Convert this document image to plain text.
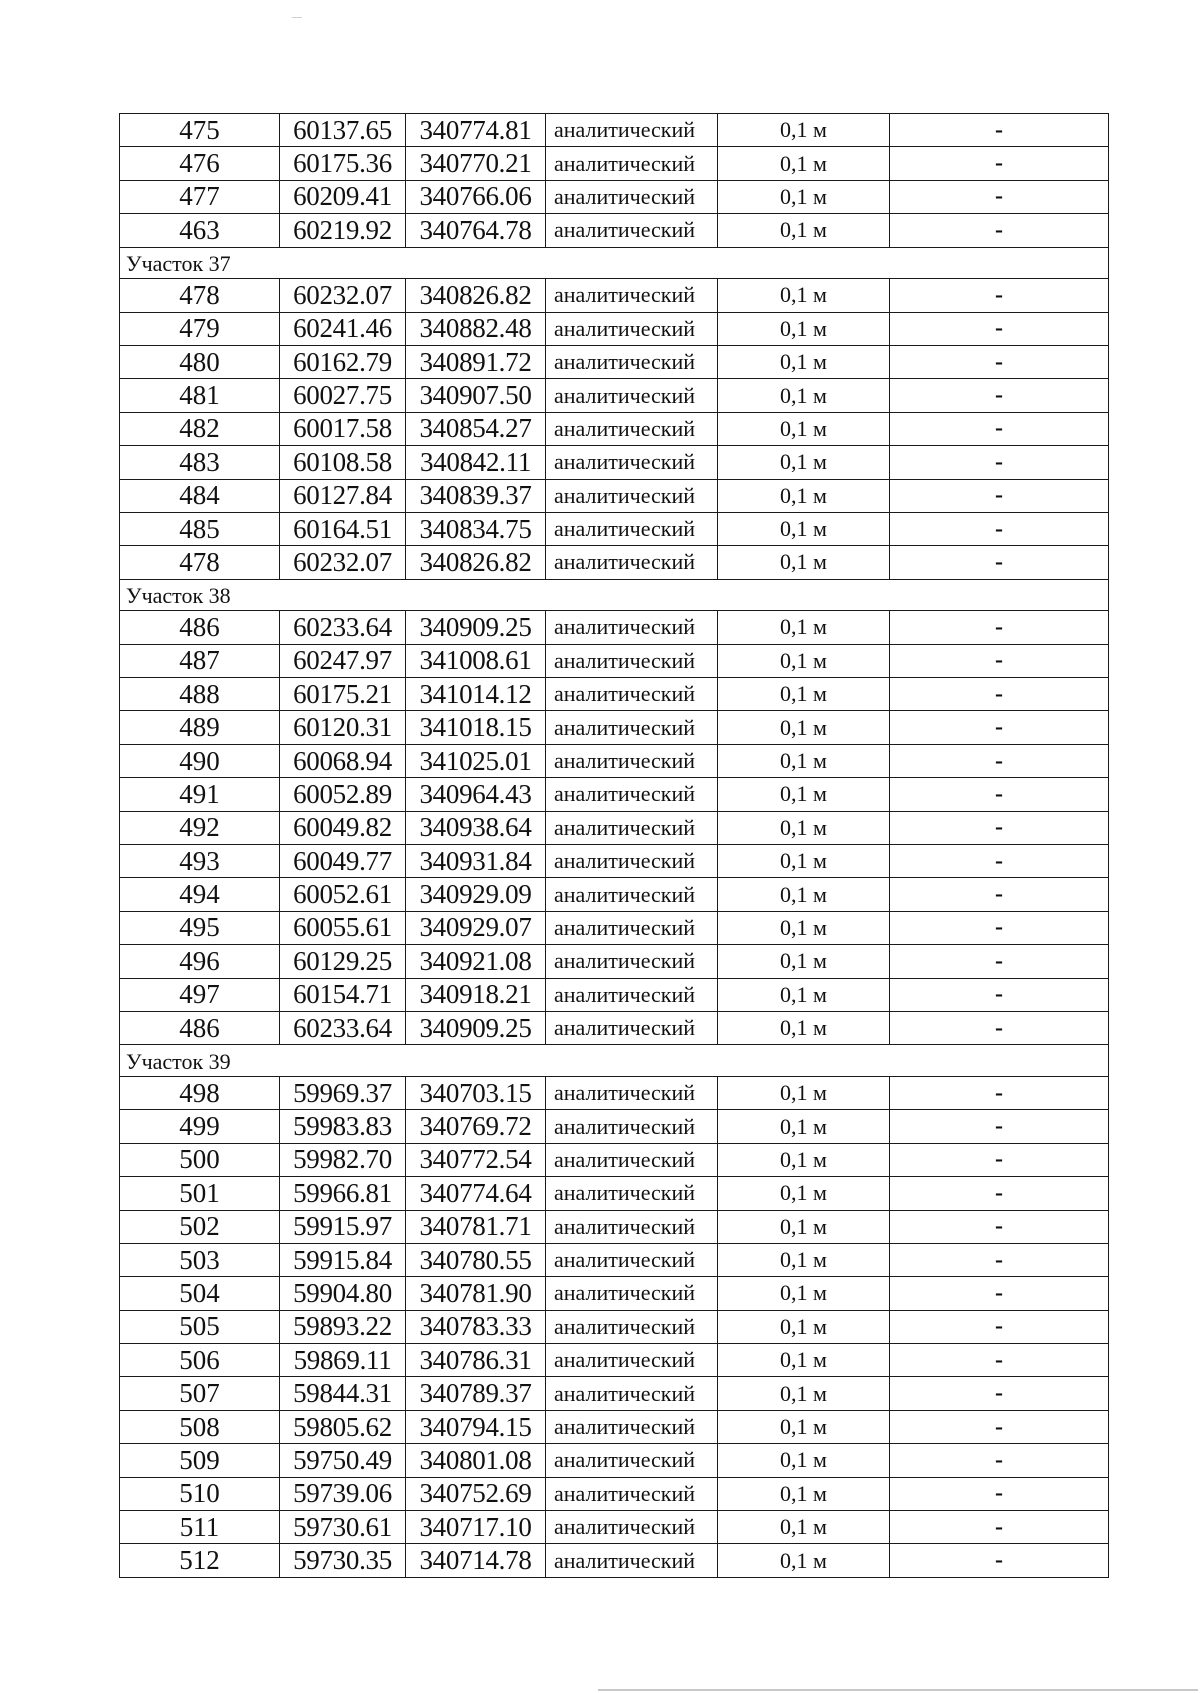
475	60137.65	340774.81	аналитический	0,1 м	-
476	60175.36	340770.21	аналитический	0,1 м	-
477	60209.41	340766.06	аналитический	0,1 м	-
463	60219.92	340764.78	аналитический	0,1 м	-
Участок 37					
478	60232.07	340826.82	аналитический	0,1 м	-
479	60241.46	340882.48	аналитический	0,1 м	-
480	60162.79	340891.72	аналитический	0,1 м	-
481	60027.75	340907.50	аналитический	0,1 м	-
482	60017.58	340854.27	аналитический	0,1 м	-
483	60108.58	340842.11	аналитический	0,1 м	-
484	60127.84	340839.37	аналитический	0,1 м	-
485	60164.51	340834.75	аналитический	0,1 м	-
478	60232.07	340826.82	аналитический	0,1 м	-
Участок 38					
486	60233.64	340909.25	аналитический	0,1 м	-
487	60247.97	341008.61	аналитический	0,1 м	-
488	60175.21	341014.12	аналитический	0,1 м	-
489	60120.31	341018.15	аналитический	0,1 м	-
490	60068.94	341025.01	аналитический	0,1 м	-
491	60052.89	340964.43	аналитический	0,1 м	-
492	60049.82	340938.64	аналитический	0,1 м	-
493	60049.77	340931.84	аналитический	0,1 м	-
494	60052.61	340929.09	аналитический	0,1 м	-
495	60055.61	340929.07	аналитический	0,1 м	-
496	60129.25	340921.08	аналитический	0,1 м	-
497	60154.71	340918.21	аналитический	0,1 м	-
486	60233.64	340909.25	аналитический	0,1 м	-
Участок 39					
498	59969.37	340703.15	аналитический	0,1 м	-
499	59983.83	340769.72	аналитический	0,1 м	-
500	59982.70	340772.54	аналитический	0,1 м	-
501	59966.81	340774.64	аналитический	0,1 м	-
502	59915.97	340781.71	аналитический	0,1 м	-
503	59915.84	340780.55	аналитический	0,1 м	-
504	59904.80	340781.90	аналитический	0,1 м	-
505	59893.22	340783.33	аналитический	0,1 м	-
506	59869.11	340786.31	аналитический	0,1 м	-
507	59844.31	340789.37	аналитический	0,1 м	-
508	59805.62	340794.15	аналитический	0,1 м	-
509	59750.49	340801.08	аналитический	0,1 м	-
510	59739.06	340752.69	аналитический	0,1 м	-
511	59730.61	340717.10	аналитический	0,1 м	-
512	59730.35	340714.78	аналитический	0,1 м	-
